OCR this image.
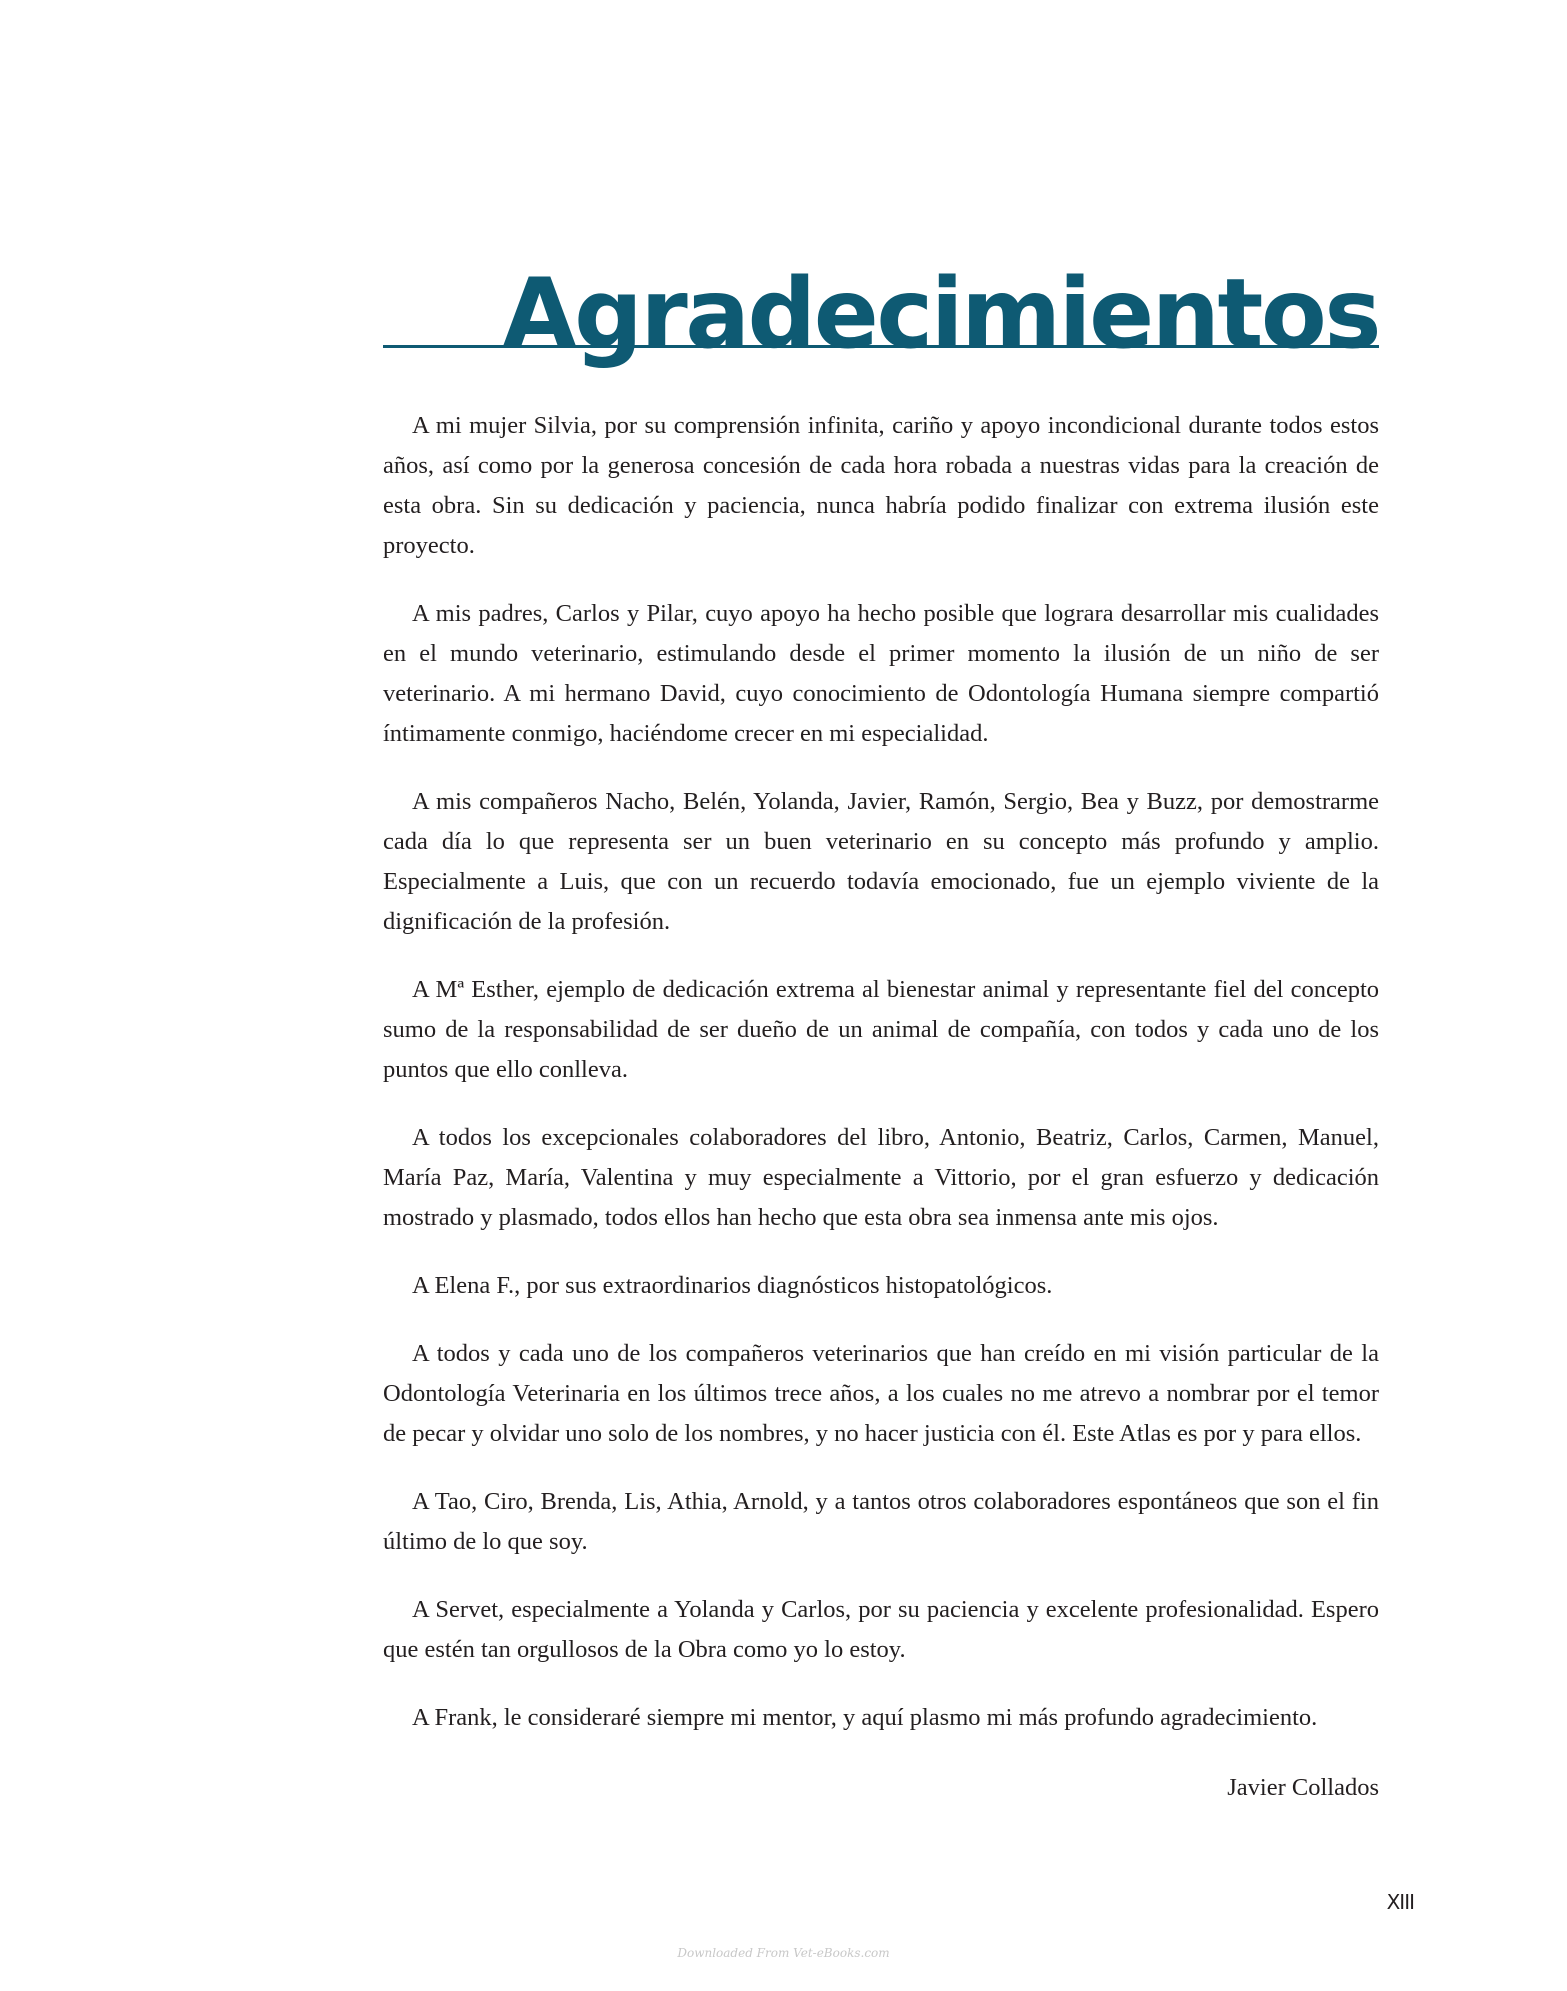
Agradecimientos

A mi mujer Silvia, por su comprensión infinita, cariño y apoyo incondicional durante todos estos años, así como por la generosa concesión de cada hora robada a nuestras vidas para la creación de esta obra. Sin su dedicación y paciencia, nunca habría podido finalizar con extrema ilusión este proyecto.

A mis padres, Carlos y Pilar, cuyo apoyo ha hecho posible que lograra desarrollar mis cualidades en el mundo veterinario, estimulando desde el primer momento la ilusión de un niño de ser veterinario. A mi hermano David, cuyo conocimiento de Odontología Humana siempre compartió íntimamente conmigo, haciéndome crecer en mi especialidad.

A mis compañeros Nacho, Belén, Yolanda, Javier, Ramón, Sergio, Bea y Buzz, por demostrarme cada día lo que representa ser un buen veterinario en su concepto más profundo y amplio. Especialmente a Luis, que con un recuerdo todavía emocionado, fue un ejemplo viviente de la dignificación de la profesión.

A Mª Esther, ejemplo de dedicación extrema al bienestar animal y representante fiel del concepto sumo de la responsabilidad de ser dueño de un animal de compañía, con todos y cada uno de los puntos que ello conlleva.

A todos los excepcionales colaboradores del libro, Antonio, Beatriz, Carlos, Carmen, Manuel, María Paz, María, Valentina y muy especialmente a Vittorio, por el gran esfuerzo y dedicación mostrado y plasmado, todos ellos han hecho que esta obra sea inmensa ante mis ojos.

A Elena F., por sus extraordinarios diagnósticos histopatológicos.

A todos y cada uno de los compañeros veterinarios que han creído en mi visión particular de la Odontología Veterinaria en los últimos trece años, a los cuales no me atrevo a nombrar por el temor de pecar y olvidar uno solo de los nombres, y no hacer justicia con él. Este Atlas es por y para ellos.

A Tao, Ciro, Brenda, Lis, Athia, Arnold, y a tantos otros colaboradores espontáneos que son el fin último de lo que soy.

A Servet, especialmente a Yolanda y Carlos, por su paciencia y excelente profesionalidad. Espero que estén tan orgullosos de la Obra como yo lo estoy.

A Frank, le consideraré siempre mi mentor, y aquí plasmo mi más profundo agradecimiento.

Javier Collados

XIII

Downloaded From Vet-eBooks.com
